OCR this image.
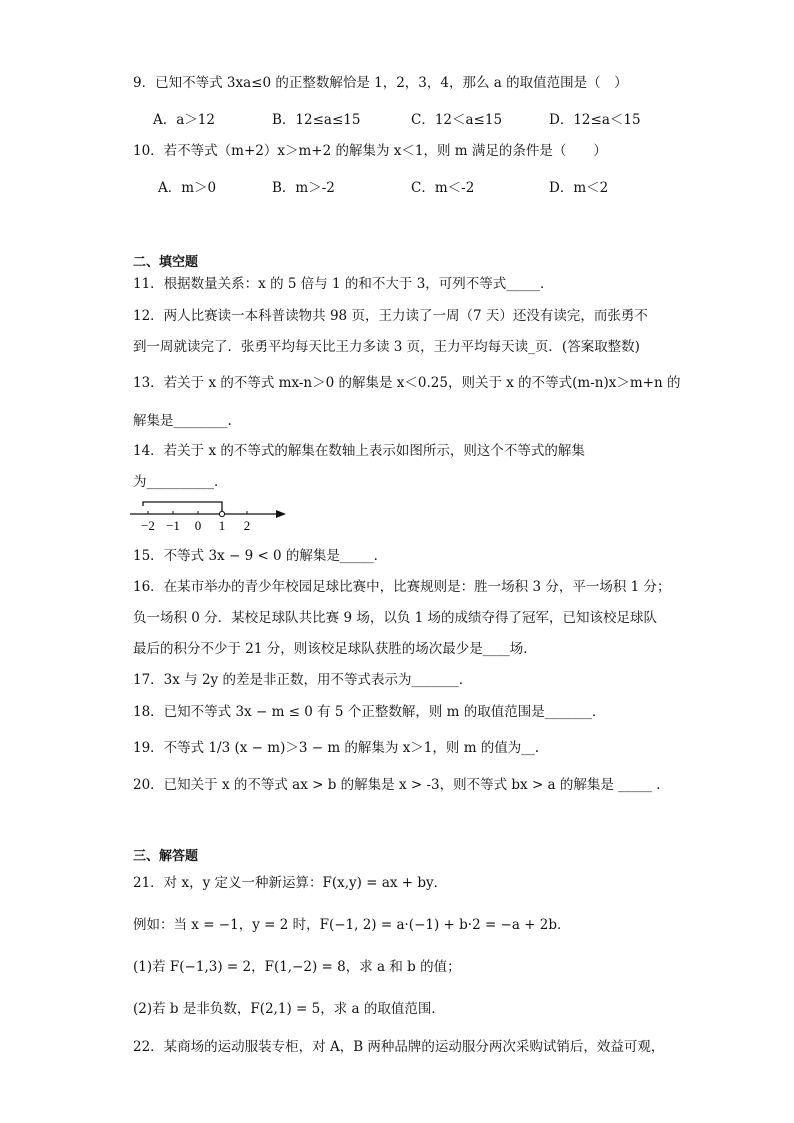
9．已知不等式 3xa≤0 的正整数解恰是 1，2，3，4，那么 a 的取值范围是（　）
A．a＞12	B．12≤a≤15	C．12＜a≤15	D．12≤a＜15
10．若不等式（m+2）x＞m+2 的解集为 x＜1，则 m 满足的条件是（　　）
A．m＞0	B．m＞-2	C．m＜-2	D．m＜2
二、填空题
11．根据数量关系：x 的 5 倍与 1 的和不大于 3，可列不等式_____．
12．两人比赛读一本科普读物共 98 页，王力读了一周（7 天）还没有读完，而张勇不
到一周就读完了．张勇平均每天比王力多读 3 页，王力平均每天读_页．(答案取整数)
13．若关于 x 的不等式 mx-n＞0 的解集是 x＜0.25，则关于 x 的不等式(m-n)x＞m+n 的
解集是________.
14．若关于 x 的不等式的解集在数轴上表示如图所示，则这个不等式的解集
为__________．
−2 −1 0 1 2
15．不等式 3x − 9 < 0 的解集是_____．
16．在某市举办的青少年校园足球比赛中，比赛规则是：胜一场积 3 分，平一场积 1 分；
负一场积 0 分．某校足球队共比赛 9 场，以负 1 场的成绩夺得了冠军，已知该校足球队
最后的积分不少于 21 分，则该校足球队获胜的场次最少是____场．
17．3x 与 2y 的差是非正数，用不等式表示为_______．
18．已知不等式 3x − m ≤ 0 有 5 个正整数解，则 m 的取值范围是_______．
19．不等式 1/3 (x − m)＞3 − m 的解集为 x＞1，则 m 的值为__.
20．已知关于 x 的不等式 ax > b 的解集是 x > -3，则不等式 bx > a 的解集是 _____ ．
三、解答题
21．对 x，y 定义一种新运算：F(x,y) = ax + by．
例如：当 x = −1，y = 2 时，F(−1, 2) = a·(−1) + b·2 = −a + 2b．
(1)若 F(−1,3) = 2，F(1,−2) = 8，求 a 和 b 的值；
(2)若 b 是非负数，F(2,1) = 5，求 a 的取值范围．
22．某商场的运动服装专柜，对 A，B 两种品牌的运动服分两次采购试销后，效益可观，
